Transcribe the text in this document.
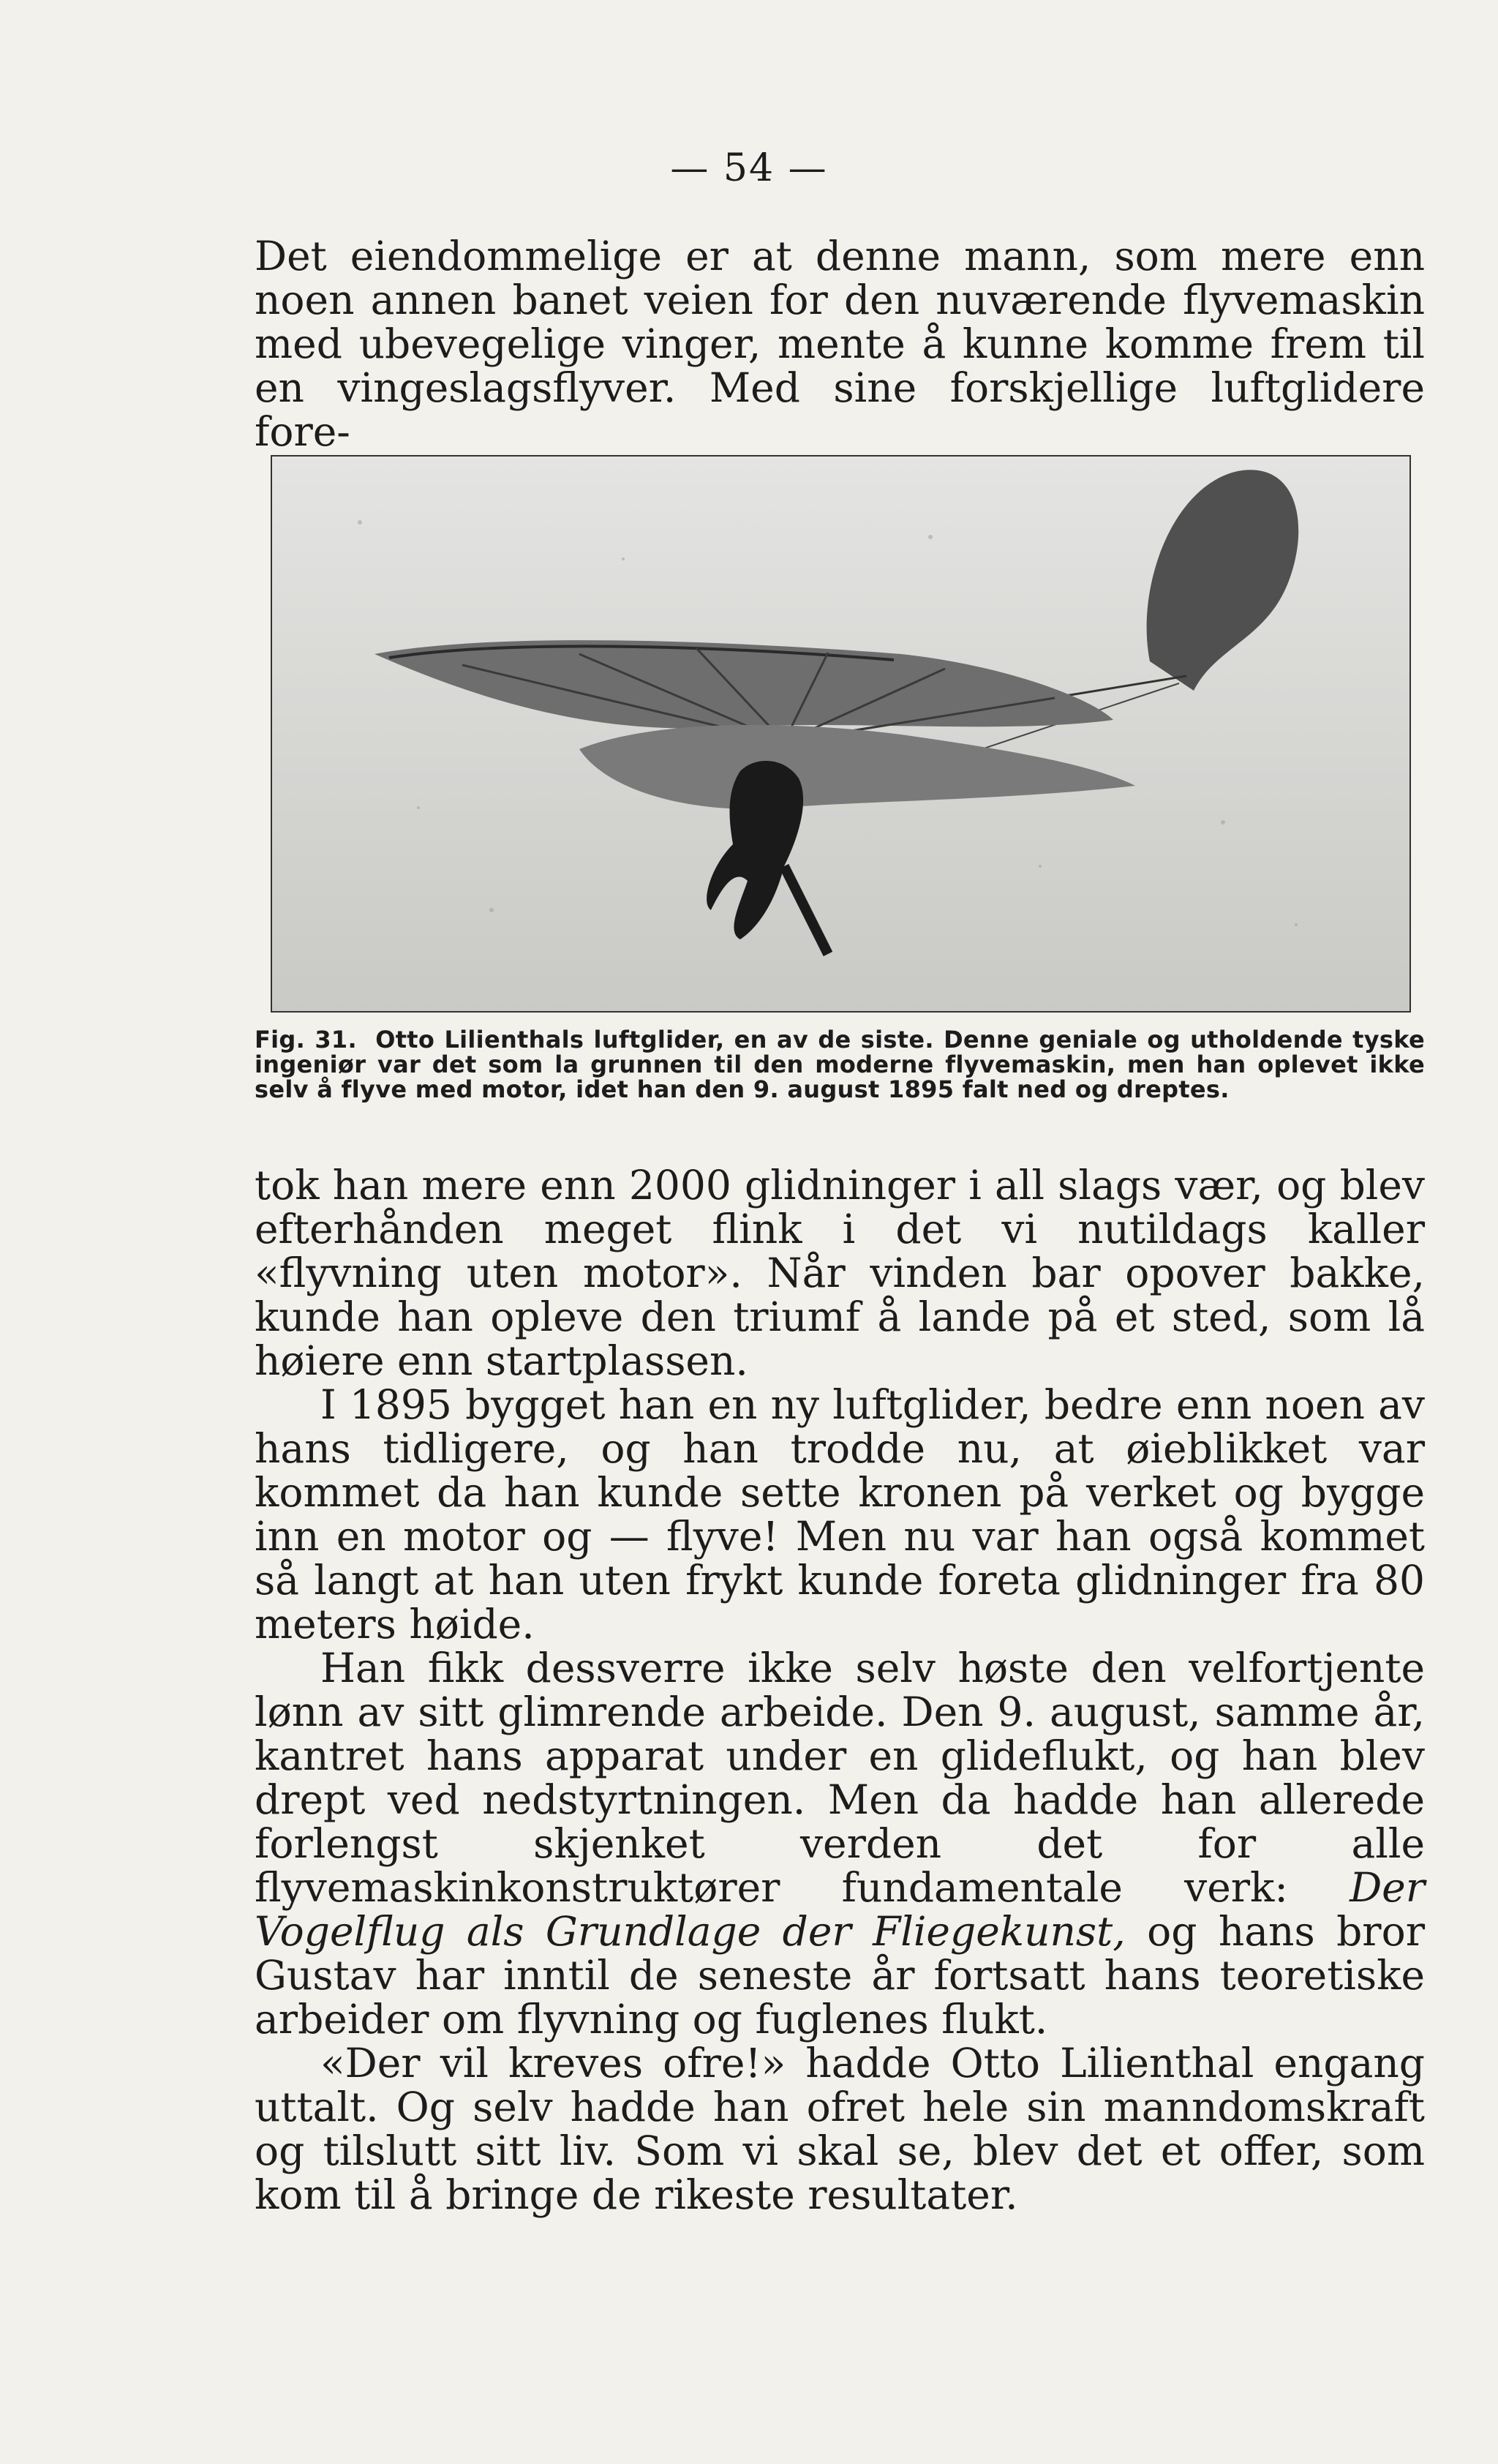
— 54 —

Det eiendommelige er at denne mann, som mere enn noen annen banet veien for den nuværende flyvemaskin med ubevegelige vinger, mente å kunne komme frem til en vingeslagsflyver. Med sine forskjellige luftglidere fore-

Fig. 31. Otto Lilienthals luftglider, en av de siste. Denne geniale og utholdende tyske ingeniør var det som la grunnen til den moderne flyvemaskin, men han oplevet ikke selv å flyve med motor, idet han den 9. august 1895 falt ned og dreptes.

tok han mere enn 2000 glidninger i all slags vær, og blev efterhånden meget flink i det vi nutildags kaller «flyvning uten motor». Når vinden bar opover bakke, kunde han opleve den triumf å lande på et sted, som lå høiere enn startplassen.

I 1895 bygget han en ny luftglider, bedre enn noen av hans tidligere, og han trodde nu, at øieblikket var kommet da han kunde sette kronen på verket og bygge inn en motor og — flyve! Men nu var han også kommet så langt at han uten frykt kunde foreta glidninger fra 80 meters høide.

Han fikk dessverre ikke selv høste den velfortjente lønn av sitt glimrende arbeide. Den 9. august, samme år, kantret hans apparat under en glideflukt, og han blev drept ved nedstyrtningen. Men da hadde han allerede forlengst skjenket verden det for alle flyvemaskinkonstruktører fundamentale verk: Der Vogelflug als Grundlage der Fliegekunst, og hans bror Gustav har inntil de seneste år fortsatt hans teoretiske arbeider om flyvning og fuglenes flukt.

«Der vil kreves ofre!» hadde Otto Lilienthal engang uttalt. Og selv hadde han ofret hele sin manndomskraft og tilslutt sitt liv. Som vi skal se, blev det et offer, som kom til å bringe de rikeste resultater.
